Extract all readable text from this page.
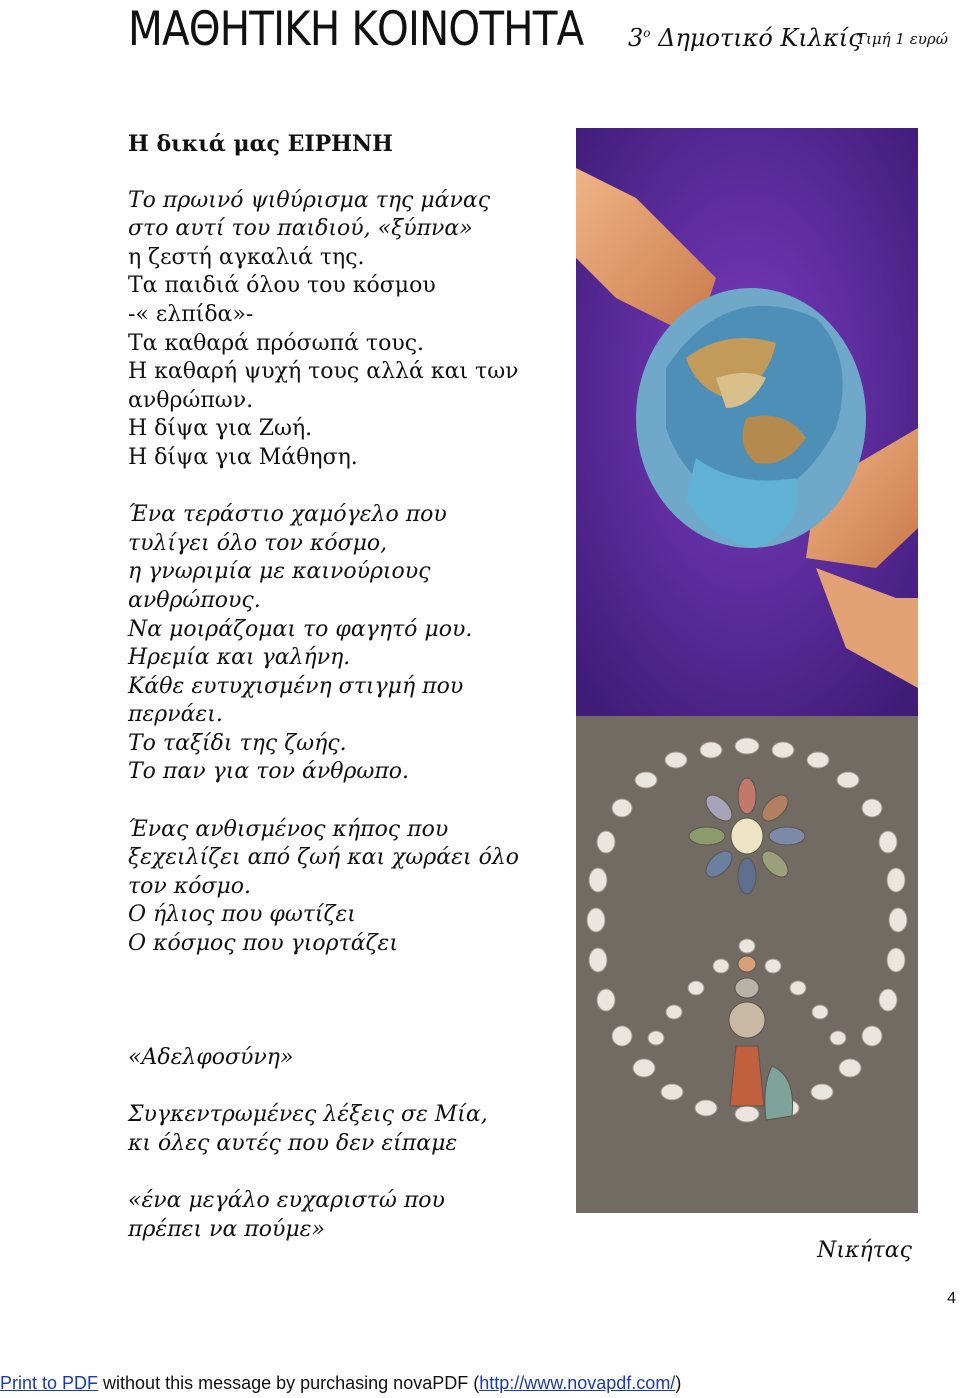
ΜΑΘΗΤΙΚΗ ΚΟΙΝΟΤΗΤΑ $3^o$ Δημοτικό Κιλκίς
Τιμή 1 ευρώ
Η δικιά μας ΕΙΡΗΝΗ
Το πρωινό ψιθύρισμα της μάνας
στο αυτί του παιδιού, «ξύπνα»
η ζεστή αγκαλιά της.
Τα παιδιά όλου του κόσμου
-« ελπίδα»-
Τα καθαρά πρόσωπά τους.
Η καθαρή ψυχή τους αλλά και των
ανθρώπων.
Η δίψα για Ζωή.
Η δίψα για Μάθηση.
Ένα τεράστιο χαμόγελο που
τυλίγει όλο τον κόσμο,
η γνωριμία με καινούριους
ανθρώπους.
Να μοιράζομαι το φαγητό μου.
Ηρεμία και γαλήνη.
Κάθε ευτυχισμένη στιγμή που
περνάει.
Το ταξίδι της ζωής.
Το παν για τον άνθρωπο.
Ένας ανθισμένος κήπος που
ξεχειλίζει από ζωή και χωράει όλο
τον κόσμο.
Ο ήλιος που φωτίζει
Ο κόσμος που γιορτάζει
«Αδελφοσύνη»
Συγκεντρωμένες λέξεις σε Μία,
κι όλες αυτές που δεν είπαμε
«ένα μεγάλο ευχαριστώ που
πρέπει να πούμε»
Νικήτας
4
Print to PDF without this message by purchasing novaPDF (http://www.novapdf.com/)
